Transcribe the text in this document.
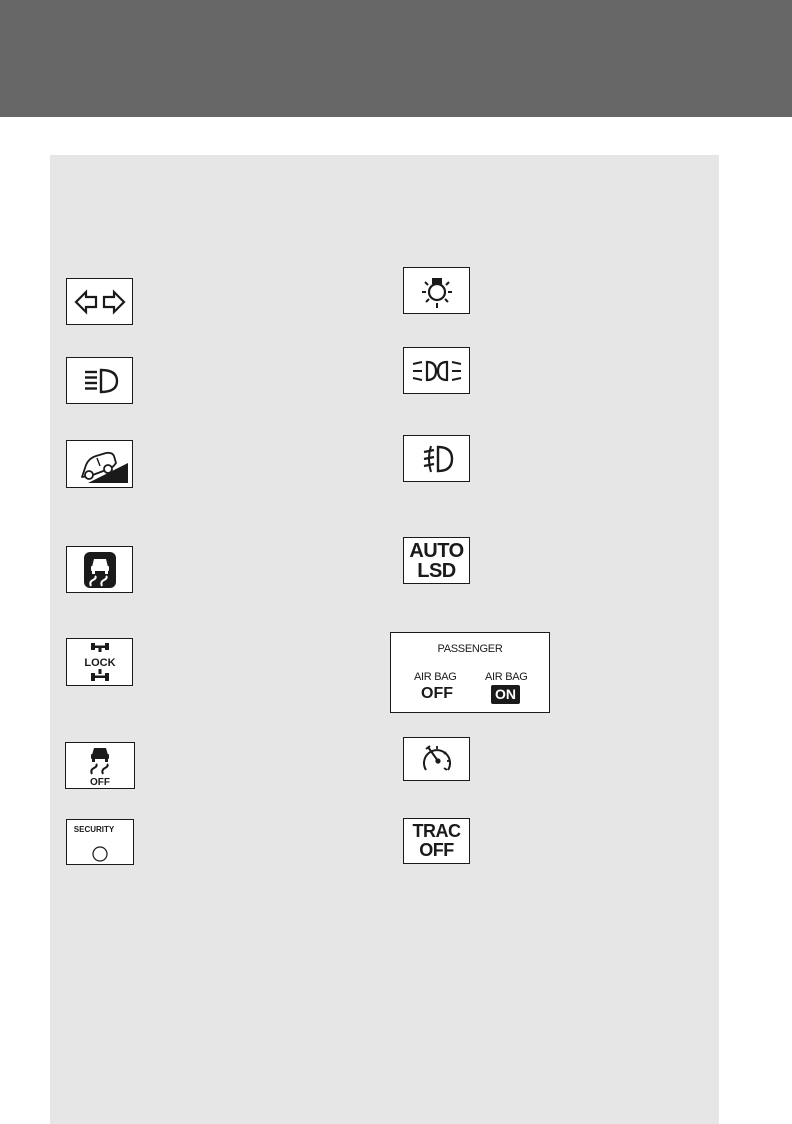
LOCK
OFF
SECURITY
AUTO
LSD
PASSENGER
AIR BAG
OFF
AIR BAG
ON
TRAC
OFF
